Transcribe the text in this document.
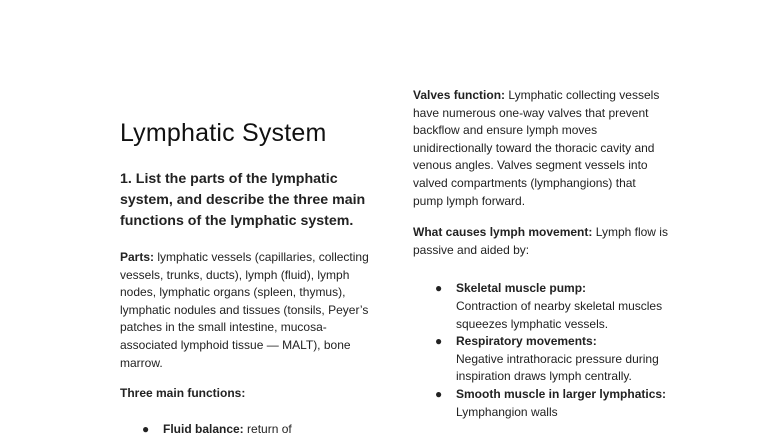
Lymphatic System

1. List the parts of the lymphatic system, and describe the three main functions of the lymphatic system.

Parts: lymphatic vessels (capillaries, collecting vessels, trunks, ducts), lymph (fluid), lymph nodes, lymphatic organs (spleen, thymus), lymphatic nodules and tissues (tonsils, Peyer’s patches in the small intestine, mucosa-associated lymphoid tissue — MALT), bone marrow.

Three main functions:

● Fluid balance: return of

Valves function: Lymphatic collecting vessels have numerous one-way valves that prevent backflow and ensure lymph moves unidirectionally toward the thoracic cavity and venous angles. Valves segment vessels into valved compartments (lymphangions) that pump lymph forward.

What causes lymph movement: Lymph flow is passive and aided by:

● Skeletal muscle pump:
Contraction of nearby skeletal muscles squeezes lymphatic vessels.
● Respiratory movements:
Negative intrathoracic pressure during inspiration draws lymph centrally.
● Smooth muscle in larger lymphatics: Lymphangion walls
